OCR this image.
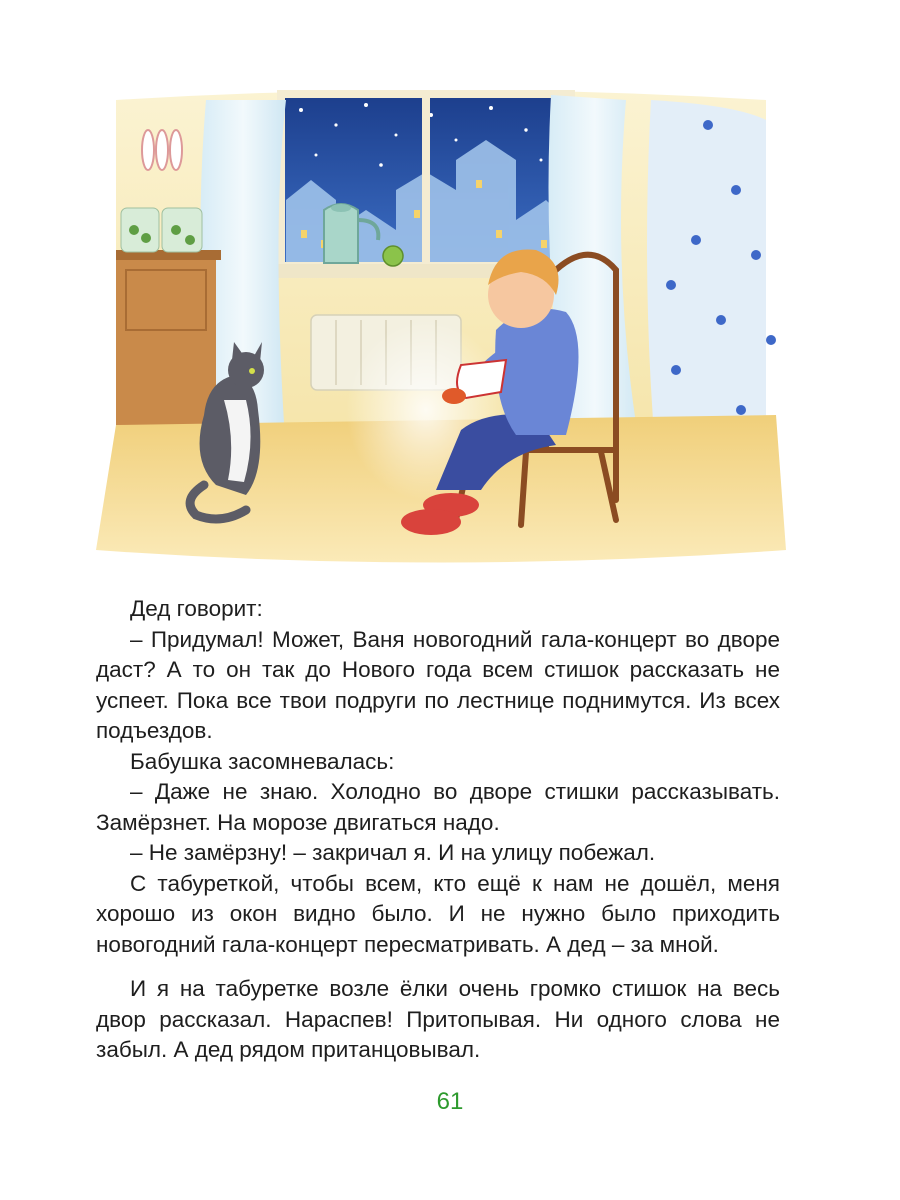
Дед говорит:

– Придумал! Может, Ваня новогодний гала-концерт во дворе даст? А то он так до Нового года всем стишок рассказать не успеет. Пока все твои подруги по лестнице поднимутся. Из всех подъездов.

Бабушка засомневалась:

– Даже не знаю. Холодно во дворе стишки рассказывать. Замёрзнет. На морозе двигаться надо.

– Не замёрзну! – закричал я. И на улицу побежал.

С табуреткой, чтобы всем, кто ещё к нам не дошёл, меня хорошо из окон видно было. И не нужно было приходить новогодний гала-концерт пересматривать. А дед – за мной.

И я на табуретке возле ёлки очень громко стишок на весь двор рассказал. Нараспев! Притопывая. Ни одного слова не забыл. А дед рядом пританцовывал.

61
